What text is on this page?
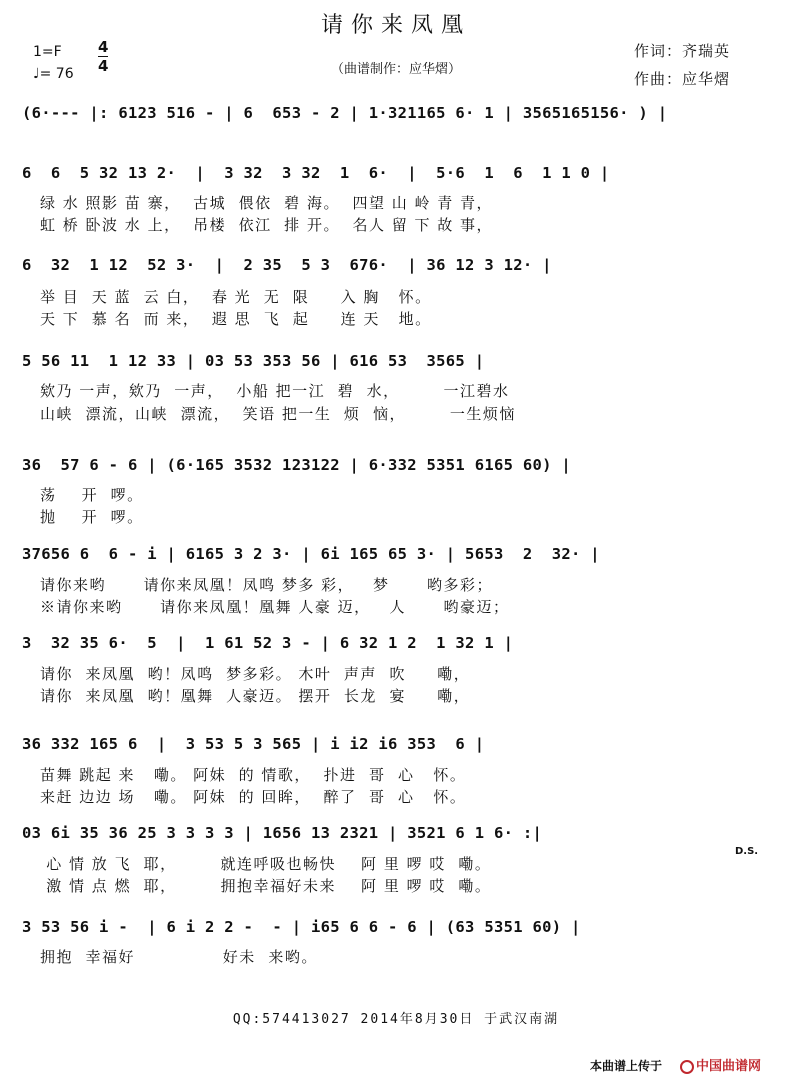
请你来凤凰
1=F
♩= 76
4
4	（曲谱制作：应华熠）
作词：齐瑞英
作曲：应华熠
(6·--- |: 6123 516 - | 6  653 - 2 | 1·321165 6· 1 | 3565165156· ) |
6  6  5 32 13 2·  |  3 32  3 32  1  6·  |  5·6  1  6  1 1 0 |
绿 水 照影 苗 寨，  古城  偎依  碧 海。  四望 山 岭 青 青，
虹 桥 卧波 水 上，  吊楼  依江  排 开。  名人 留 下 故 事，
6  32  1 12  52 3·  |  2 35  5 3  676·  | 36 12 3 12· |
举 目  天 蓝  云 白，  春 光  无  限     入 胸   怀。
天 下  慕 名  而 来，  遐 思  飞  起     连 天   地。
5 56 11  1 12 33 | 03 53 353 56 | 616 53  3565 |
欸乃 一声，欸乃  一声，  小船 把一江  碧  水，       一江碧水
山峡  漂流，山峡  漂流，  笑语 把一生  烦  恼，       一生烦恼
36  57 6 - 6 | (6·165 3532 123122 | 6·332 5351 6165 60) |
荡    开  啰。
抛    开  啰。
37656 6  6 - i | 6165 3 2 3· | 6i 165 65 3· | 5653  2  32· |
请你来哟      请你来凤凰！凤鸣 梦多 彩，   梦      哟多彩；
※请你来哟      请你来凤凰！凰舞 人豪 迈，   人      哟豪迈；
3  32 35 6·  5  |  1 61 52 3 - | 6 32 1 2  1 32 1 |
请你  来凤凰  哟！凤鸣  梦多彩。 木叶  声声  吹     嘞，
请你  来凤凰  哟！凰舞  人豪迈。 摆开  长龙  宴     嘞，
36 332 165 6  |  3 53 5 3 565 | i i2 i6 353  6 |
苗舞 跳起 来   嘞。 阿妹  的 情歌，  扑进  哥  心   怀。
来赶 边边 场   嘞。 阿妹  的 回眸，  醉了  哥  心   怀。
03 6i 35 36 25 3 3 3 3 | 1656 13 2321 | 3521 6 1 6· :|
D.S.
心 情 放 飞  耶，       就连呼吸也畅快    阿 里 啰 哎  嘞。
激 情 点 燃  耶，       拥抱幸福好未来    阿 里 啰 哎  嘞。
3 53 56 i -  | 6 i 2 2 -  - | i65 6 6 - 6 | (63 5351 60) |
拥抱  幸福好              好未  来哟。
QQ:574413027 2014年8月30日 于武汉南湖
本曲谱上传于	中国曲谱网
